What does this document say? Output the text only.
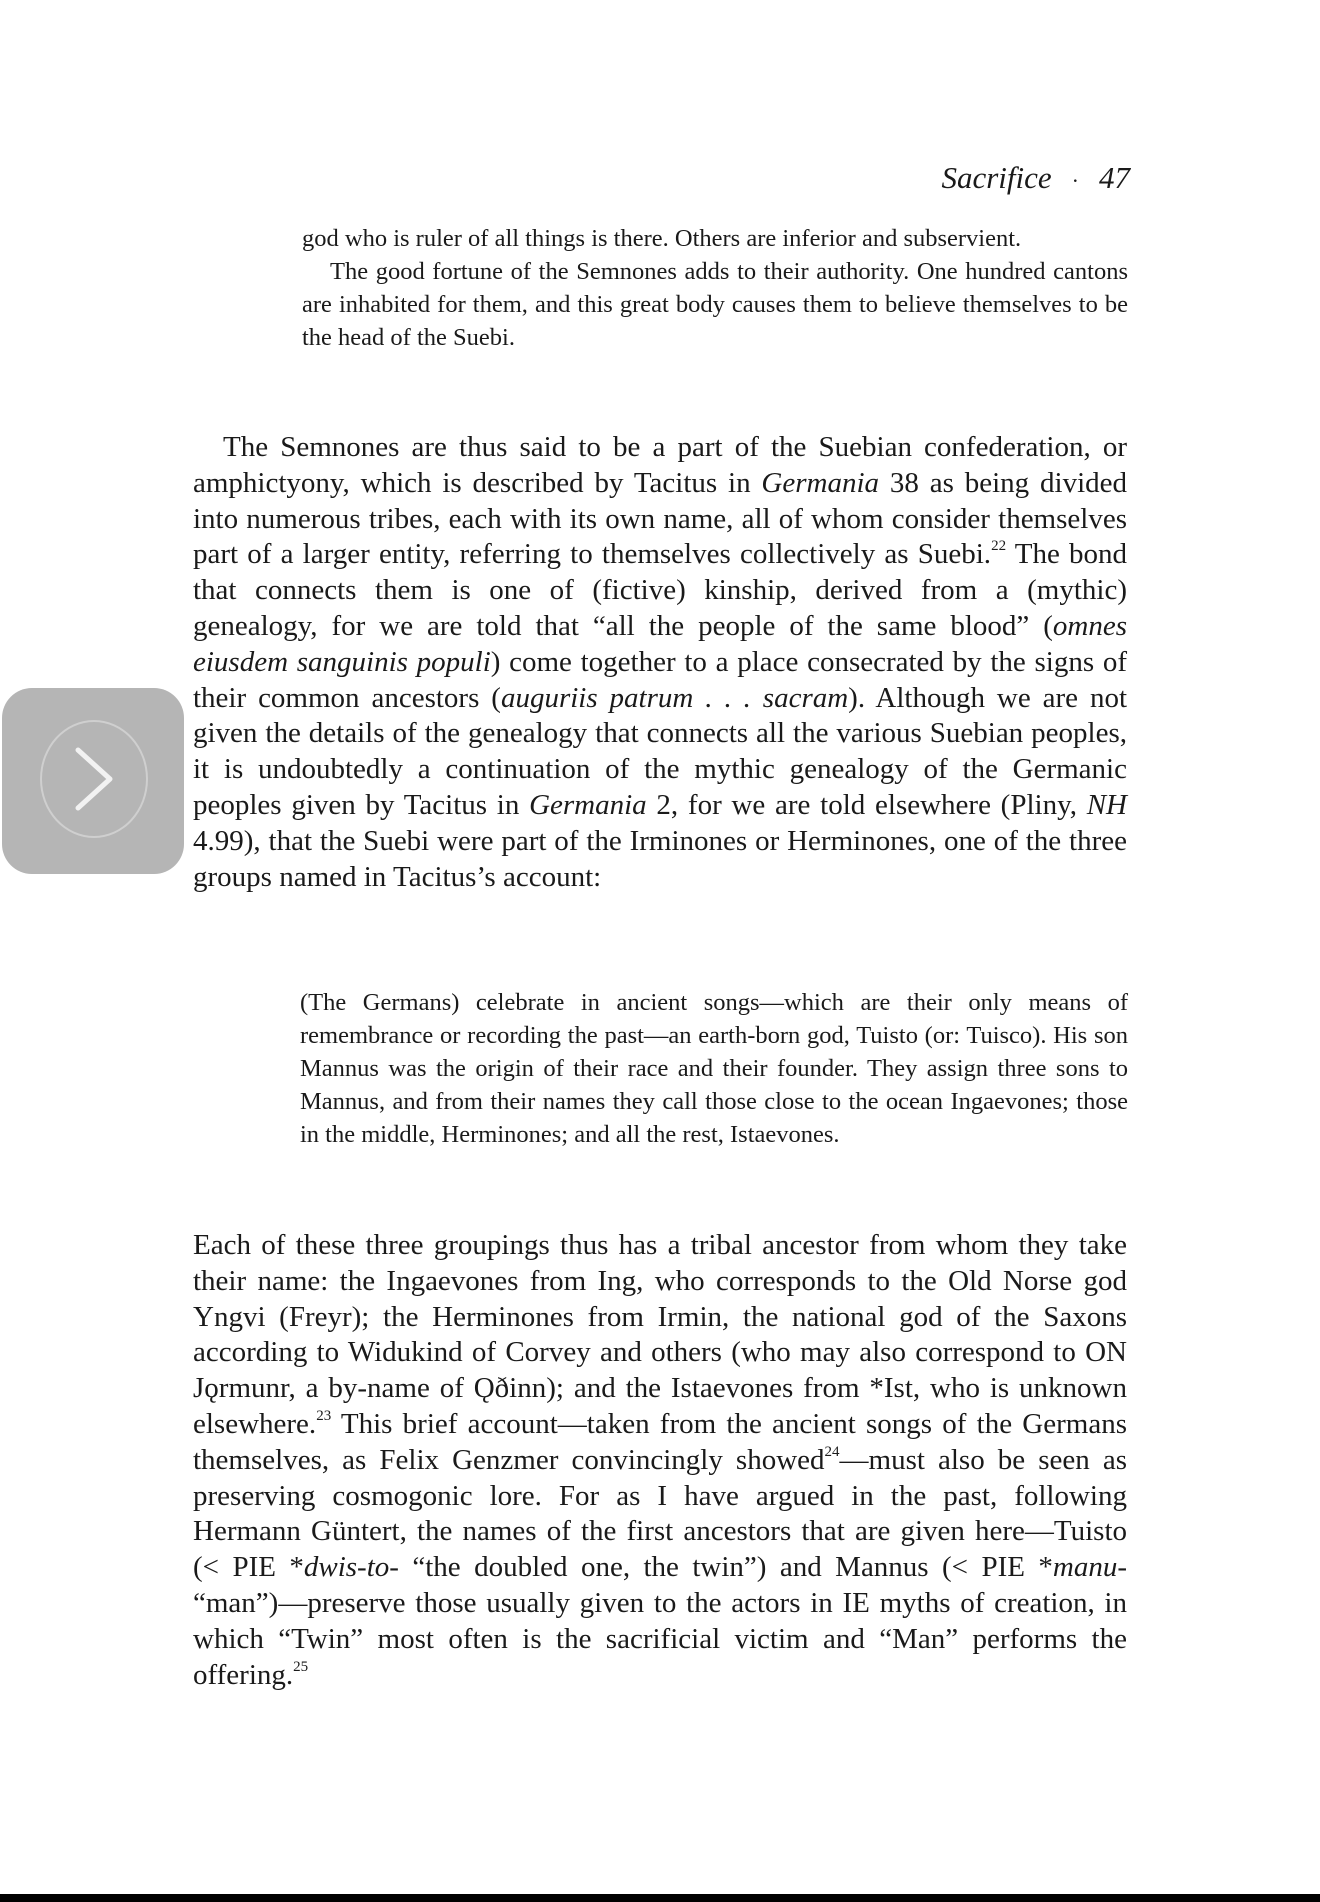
Sacrifice · 47

god who is ruler of all things is there. Others are inferior and subservient.

The good fortune of the Semnones adds to their authority. One hundred cantons are inhabited for them, and this great body causes them to believe themselves to be the head of the Suebi.

The Semnones are thus said to be a part of the Suebian confederation, or amphictyony, which is described by Tacitus in Germania 38 as being divided into numerous tribes, each with its own name, all of whom consider themselves part of a larger entity, referring to themselves collectively as Suebi.$^{22}$ The bond that connects them is one of (fictive) kinship, derived from a (mythic) genealogy, for we are told that “all the people of the same blood” (omnes eiusdem sanguinis populi) come together to a place consecrated by the signs of their common ancestors (auguriis patrum . . . sacram). Although we are not given the details of the genealogy that connects all the various Suebian peoples, it is undoubtedly a continuation of the mythic genealogy of the Germanic peoples given by Tacitus in Germania 2, for we are told elsewhere (Pliny, NH 4.99), that the Suebi were part of the Irminones or Herminones, one of the three groups named in Tacitus’s account:

(The Germans) celebrate in ancient songs—which are their only means of remembrance or recording the past—an earth-born god, Tuisto (or: Tuisco). His son Mannus was the origin of their race and their founder. They assign three sons to Mannus, and from their names they call those close to the ocean Ingaevones; those in the middle, Herminones; and all the rest, Istaevones.

Each of these three groupings thus has a tribal ancestor from whom they take their name: the Ingaevones from Ing, who corresponds to the Old Norse god Yngvi (Freyr); the Herminones from Irmin, the national god of the Saxons according to Widukind of Corvey and others (who may also correspond to ON Jǫrmunr, a by-name of Ǫðinn); and the Istaevones from *Ist, who is unknown elsewhere.$^{23}$ This brief account—taken from the ancient songs of the Germans themselves, as Felix Genzmer convincingly showed$^{24}$—must also be seen as preserving cosmogonic lore. For as I have argued in the past, following Hermann Güntert, the names of the first ancestors that are given here—Tuisto (< PIE *dwis-to- “the doubled one, the twin”) and Mannus (< PIE *manu- “man”)—preserve those usually given to the actors in IE myths of creation, in which “Twin” most often is the sacrificial victim and “Man” performs the offering.$^{25}$
